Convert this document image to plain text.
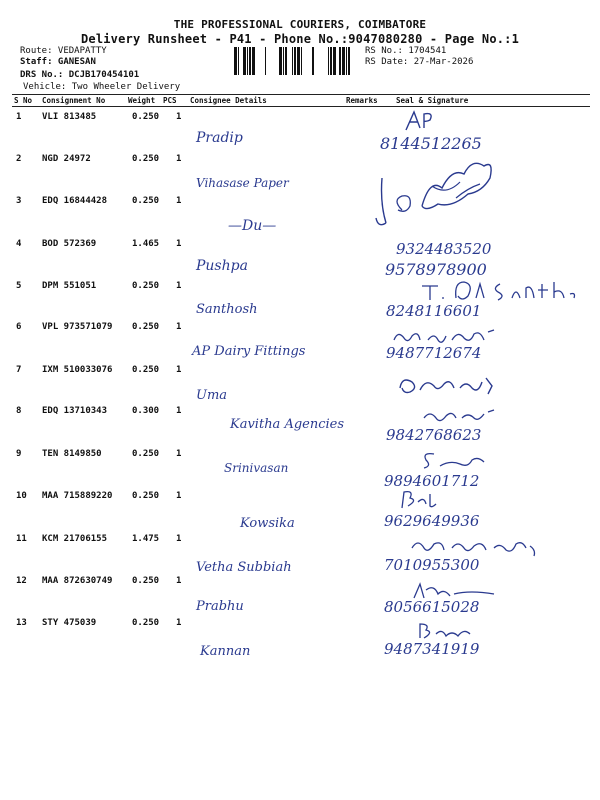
THE PROFESSIONAL COURIERS, COIMBATORE
Delivery Runsheet - P41 - Phone No.:9047080280 - Page No.:1
Route: VEDAPATTY
Staff: GANESAN
DRS No.: DCJB170454101
Vehicle: Two Wheeler Delivery
RS No.: 1704541
RS Date: 27-Mar-2026
S No Consignment No	Weight PCS Consignee Details	Remarks Seal & Signature
1 VLI 813485	0.250 1
Pradip	8144512265
2 NGD 24972	0.250 1
Vihasase Paper
3 EDQ 16844428	0.250 1
—Du—
4 BOD 572369	1.465 1
Pushpa
9324483520
5 DPM 551051	0.250 1
Santhosh
9578978900
6 VPL 973571079 0.250 1
AP Dairy Fittings
8248116601
7 IXM 510033076 0.250 1
Uma
9487712674
8 EDQ 13710343	0.300 1
Kavitha Agencies
9842768623
9 TEN 8149850	0.250 1
Srinivasan
9894601712
10 MAA 715889220 0.250 1
Kowsika	9629649936
11 KCM 21706155	1.475 1
Vetha Subbiah	7010955300
12 MAA 872630749 0.250 1
Prabhu	8056615028
13 STY 475039	0.250 1
Kannan	9487341919
